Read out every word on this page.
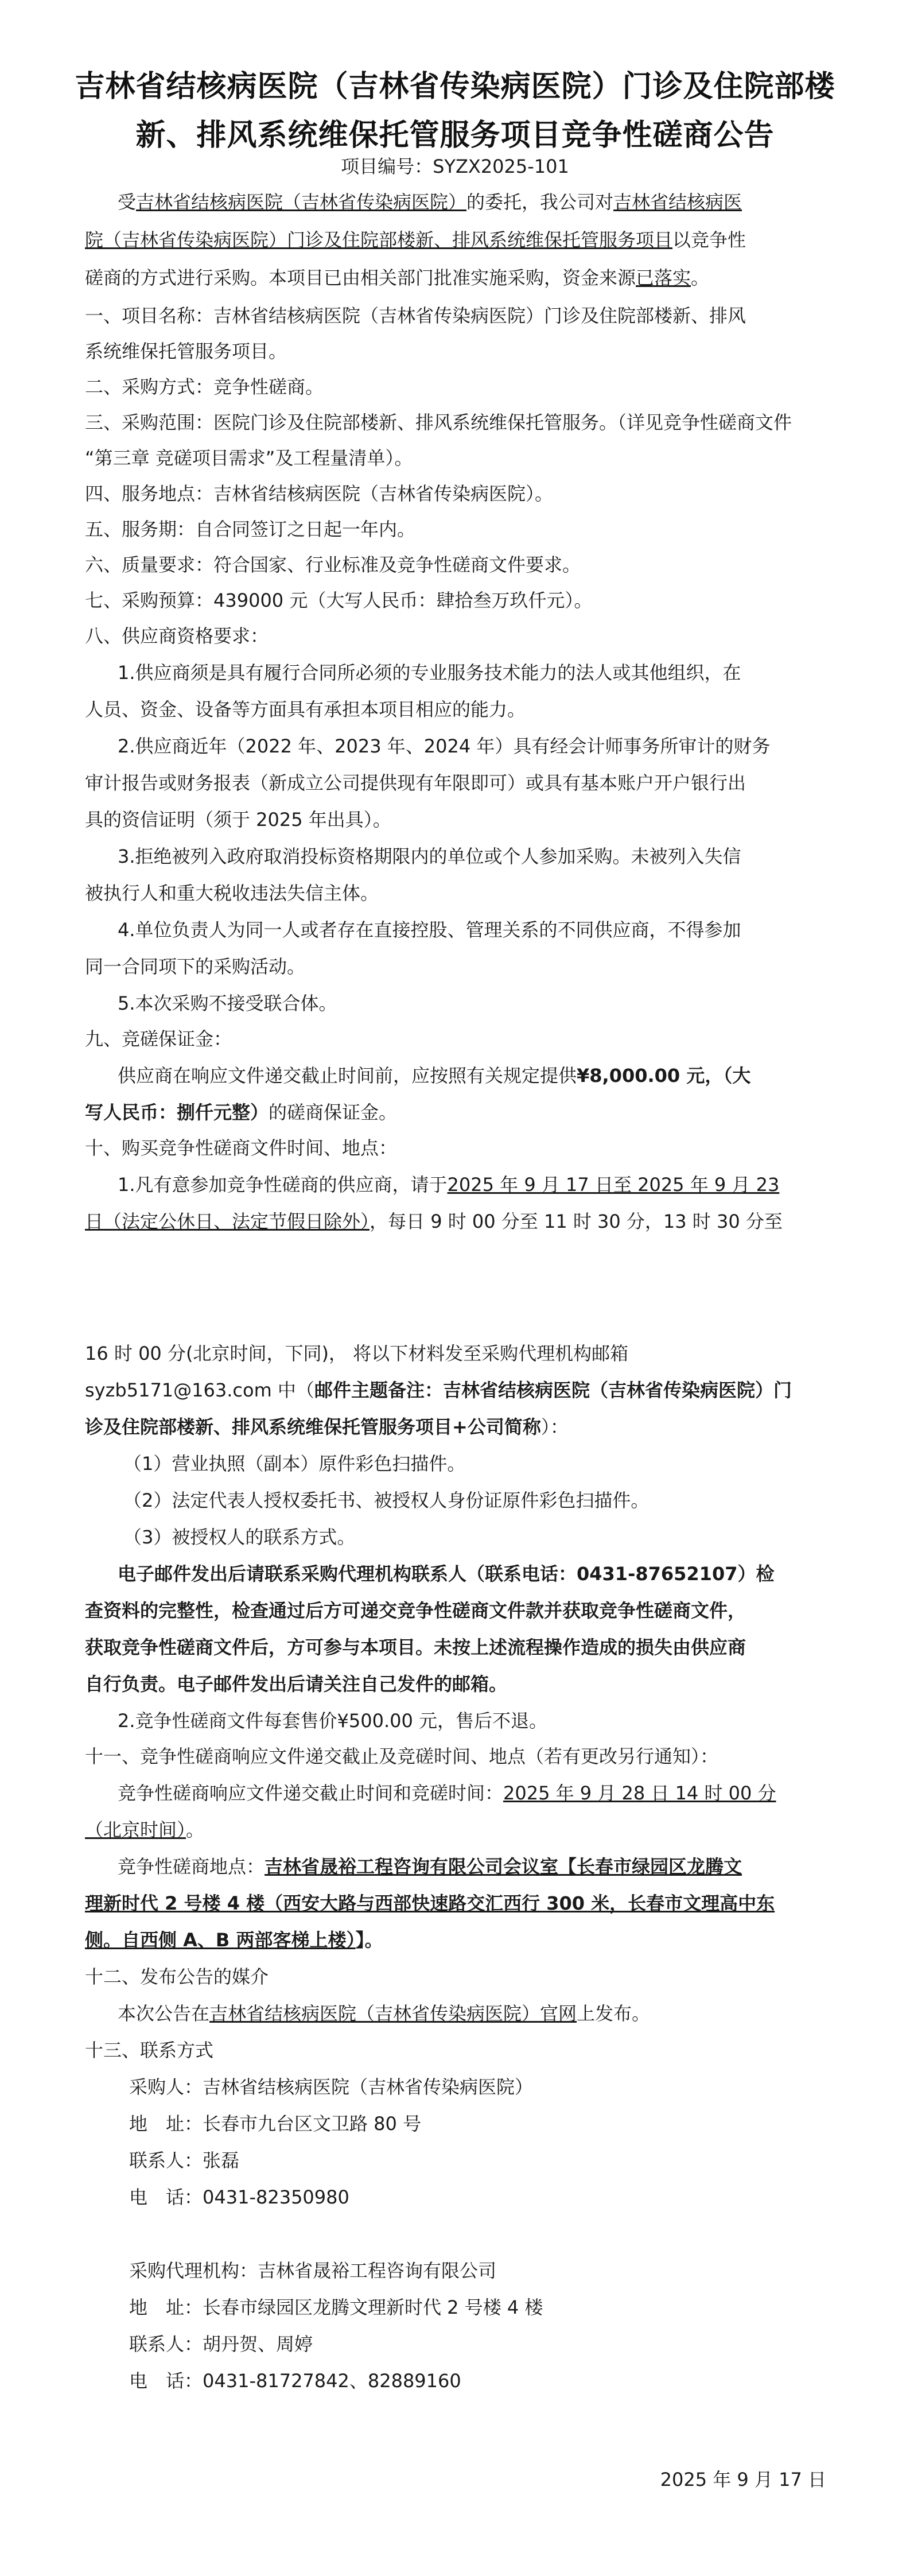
吉林省结核病医院（吉林省传染病医院）门诊及住院部楼
新、排风系统维保托管服务项目竞争性磋商公告
项目编号：SYZX2025-101
受吉林省结核病医院（吉林省传染病医院）的委托，我公司对吉林省结核病医
院（吉林省传染病医院）门诊及住院部楼新、排风系统维保托管服务项目以竞争性
磋商的方式进行采购。本项目已由相关部门批准实施采购，资金来源已落实。
一、项目名称：吉林省结核病医院（吉林省传染病医院）门诊及住院部楼新、排风
系统维保托管服务项目。
二、采购方式：竞争性磋商。
三、采购范围：医院门诊及住院部楼新、排风系统维保托管服务。（详见竞争性磋商文件
“第三章 竞磋项目需求”及工程量清单）。
四、服务地点：吉林省结核病医院（吉林省传染病医院）。
五、服务期：自合同签订之日起一年内。
六、质量要求：符合国家、行业标准及竞争性磋商文件要求。
七、采购预算：439000 元（大写人民币：肆拾叁万玖仟元）。
八、供应商资格要求：
1.供应商须是具有履行合同所必须的专业服务技术能力的法人或其他组织，在
人员、资金、设备等方面具有承担本项目相应的能力。
2.供应商近年（2022 年、2023 年、2024 年）具有经会计师事务所审计的财务
审计报告或财务报表（新成立公司提供现有年限即可）或具有基本账户开户银行出
具的资信证明（须于 2025 年出具）。
3.拒绝被列入政府取消投标资格期限内的单位或个人参加采购。未被列入失信
被执行人和重大税收违法失信主体。
4.单位负责人为同一人或者存在直接控股、管理关系的不同供应商，不得参加
同一合同项下的采购活动。
5.本次采购不接受联合体。
九、竞磋保证金：
供应商在响应文件递交截止时间前，应按照有关规定提供¥8,000.00 元，（大
写人民币：捌仟元整）的磋商保证金。
十、购买竞争性磋商文件时间、地点：
1.凡有意参加竞争性磋商的供应商，请于2025 年 9 月 17 日至 2025 年 9 月 23
日（法定公休日、法定节假日除外），每日 9 时 00 分至 11 时 30 分，13 时 30 分至
16 时 00 分(北京时间，下同)， 将以下材料发至采购代理机构邮箱
syzb5171@163.com 中（邮件主题备注：吉林省结核病医院（吉林省传染病医院）门
诊及住院部楼新、排风系统维保托管服务项目+公司简称）：
（1）营业执照（副本）原件彩色扫描件。
（2）法定代表人授权委托书、被授权人身份证原件彩色扫描件。
（3）被授权人的联系方式。
电子邮件发出后请联系采购代理机构联系人（联系电话：0431-87652107）检
查资料的完整性，检查通过后方可递交竞争性磋商文件款并获取竞争性磋商文件，
获取竞争性磋商文件后，方可参与本项目。未按上述流程操作造成的损失由供应商
自行负责。电子邮件发出后请关注自己发件的邮箱。
2.竞争性磋商文件每套售价¥500.00 元，售后不退。
十一、竞争性磋商响应文件递交截止及竞磋时间、地点（若有更改另行通知）：
竞争性磋商响应文件递交截止时间和竞磋时间：2025 年 9 月 28 日 14 时 00 分
（北京时间）。
竞争性磋商地点：吉林省晟裕工程咨询有限公司会议室【长春市绿园区龙腾文
理新时代 2 号楼 4 楼（西安大路与西部快速路交汇西行 300 米，长春市文理高中东
侧。自西侧 A、B 两部客梯上楼）】。
十二、发布公告的媒介
本次公告在吉林省结核病医院（吉林省传染病医院）官网上发布。
十三、联系方式
采购人：吉林省结核病医院（吉林省传染病医院）
地　址：长春市九台区文卫路 80 号
联系人：张磊
电　话：0431-82350980
采购代理机构：吉林省晟裕工程咨询有限公司
地　址：长春市绿园区龙腾文理新时代 2 号楼 4 楼
联系人：胡丹贺、周婷
电　话：0431-81727842、82889160
2025 年 9 月 17 日
